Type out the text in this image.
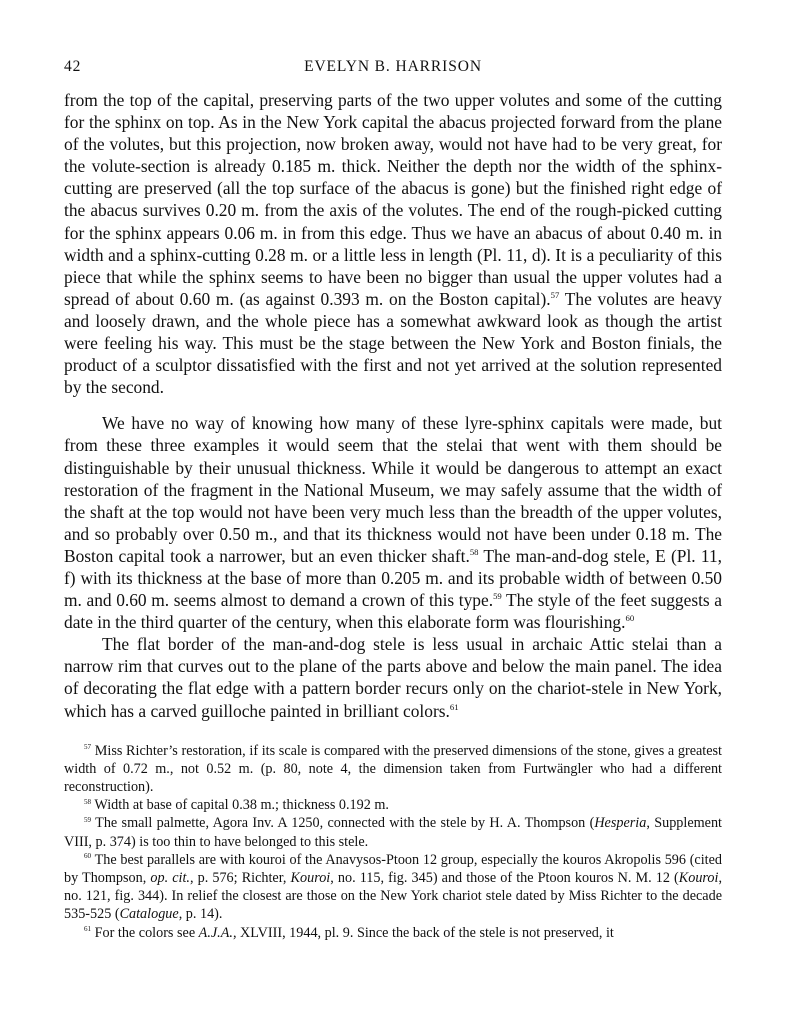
42	EVELYN B. HARRISON

from the top of the capital, preserving parts of the two upper volutes and some of the cutting for the sphinx on top. As in the New York capital the abacus projected forward from the plane of the volutes, but this projection, now broken away, would not have had to be very great, for the volute-section is already 0.185 m. thick. Neither the depth nor the width of the sphinx-cutting are preserved (all the top surface of the abacus is gone) but the finished right edge of the abacus survives 0.20 m. from the axis of the volutes. The end of the rough-picked cutting for the sphinx appears 0.06 m. in from this edge. Thus we have an abacus of about 0.40 m. in width and a sphinx-cutting 0.28 m. or a little less in length (Pl. 11, d). It is a peculiarity of this piece that while the sphinx seems to have been no bigger than usual the upper volutes had a spread of about 0.60 m. (as against 0.393 m. on the Boston capital).$^{57}$ The volutes are heavy and loosely drawn, and the whole piece has a somewhat awkward look as though the artist were feeling his way. This must be the stage between the New York and Boston finials, the product of a sculptor dissatisfied with the first and not yet arrived at the solution represented by the second.

We have no way of knowing how many of these lyre-sphinx capitals were made, but from these three examples it would seem that the stelai that went with them should be distinguishable by their unusual thickness. While it would be dangerous to attempt an exact restoration of the fragment in the National Museum, we may safely assume that the width of the shaft at the top would not have been very much less than the breadth of the upper volutes, and so probably over 0.50 m., and that its thickness would not have been under 0.18 m. The Boston capital took a narrower, but an even thicker shaft.$^{58}$ The man-and-dog stele, E (Pl. 11, f) with its thickness at the base of more than 0.205 m. and its probable width of between 0.50 m. and 0.60 m. seems almost to demand a crown of this type.$^{59}$ The style of the feet suggests a date in the third quarter of the century, when this elaborate form was flourishing.$^{60}$

The flat border of the man-and-dog stele is less usual in archaic Attic stelai than a narrow rim that curves out to the plane of the parts above and below the main panel. The idea of decorating the flat edge with a pattern border recurs only on the chariot-stele in New York, which has a carved guilloche painted in brilliant colors.$^{61}$

$^{57}$ Miss Richter’s restoration, if its scale is compared with the preserved dimensions of the stone, gives a greatest width of 0.72 m., not 0.52 m. (p. 80, note 4, the dimension taken from Furtwängler who had a different reconstruction).

$^{58}$ Width at base of capital 0.38 m.; thickness 0.192 m.

$^{59}$ The small palmette, Agora Inv. A 1250, connected with the stele by H. A. Thompson (Hesperia, Supplement VIII, p. 374) is too thin to have belonged to this stele.

$^{60}$ The best parallels are with kouroi of the Anavysos-Ptoon 12 group, especially the kouros Akropolis 596 (cited by Thompson, op. cit., p. 576; Richter, Kouroi, no. 115, fig. 345) and those of the Ptoon kouros N. M. 12 (Kouroi, no. 121, fig. 344). In relief the closest are those on the New York chariot stele dated by Miss Richter to the decade 535-525 (Catalogue, p. 14).

$^{61}$ For the colors see A.J.A., XLVIII, 1944, pl. 9. Since the back of the stele is not preserved, it
